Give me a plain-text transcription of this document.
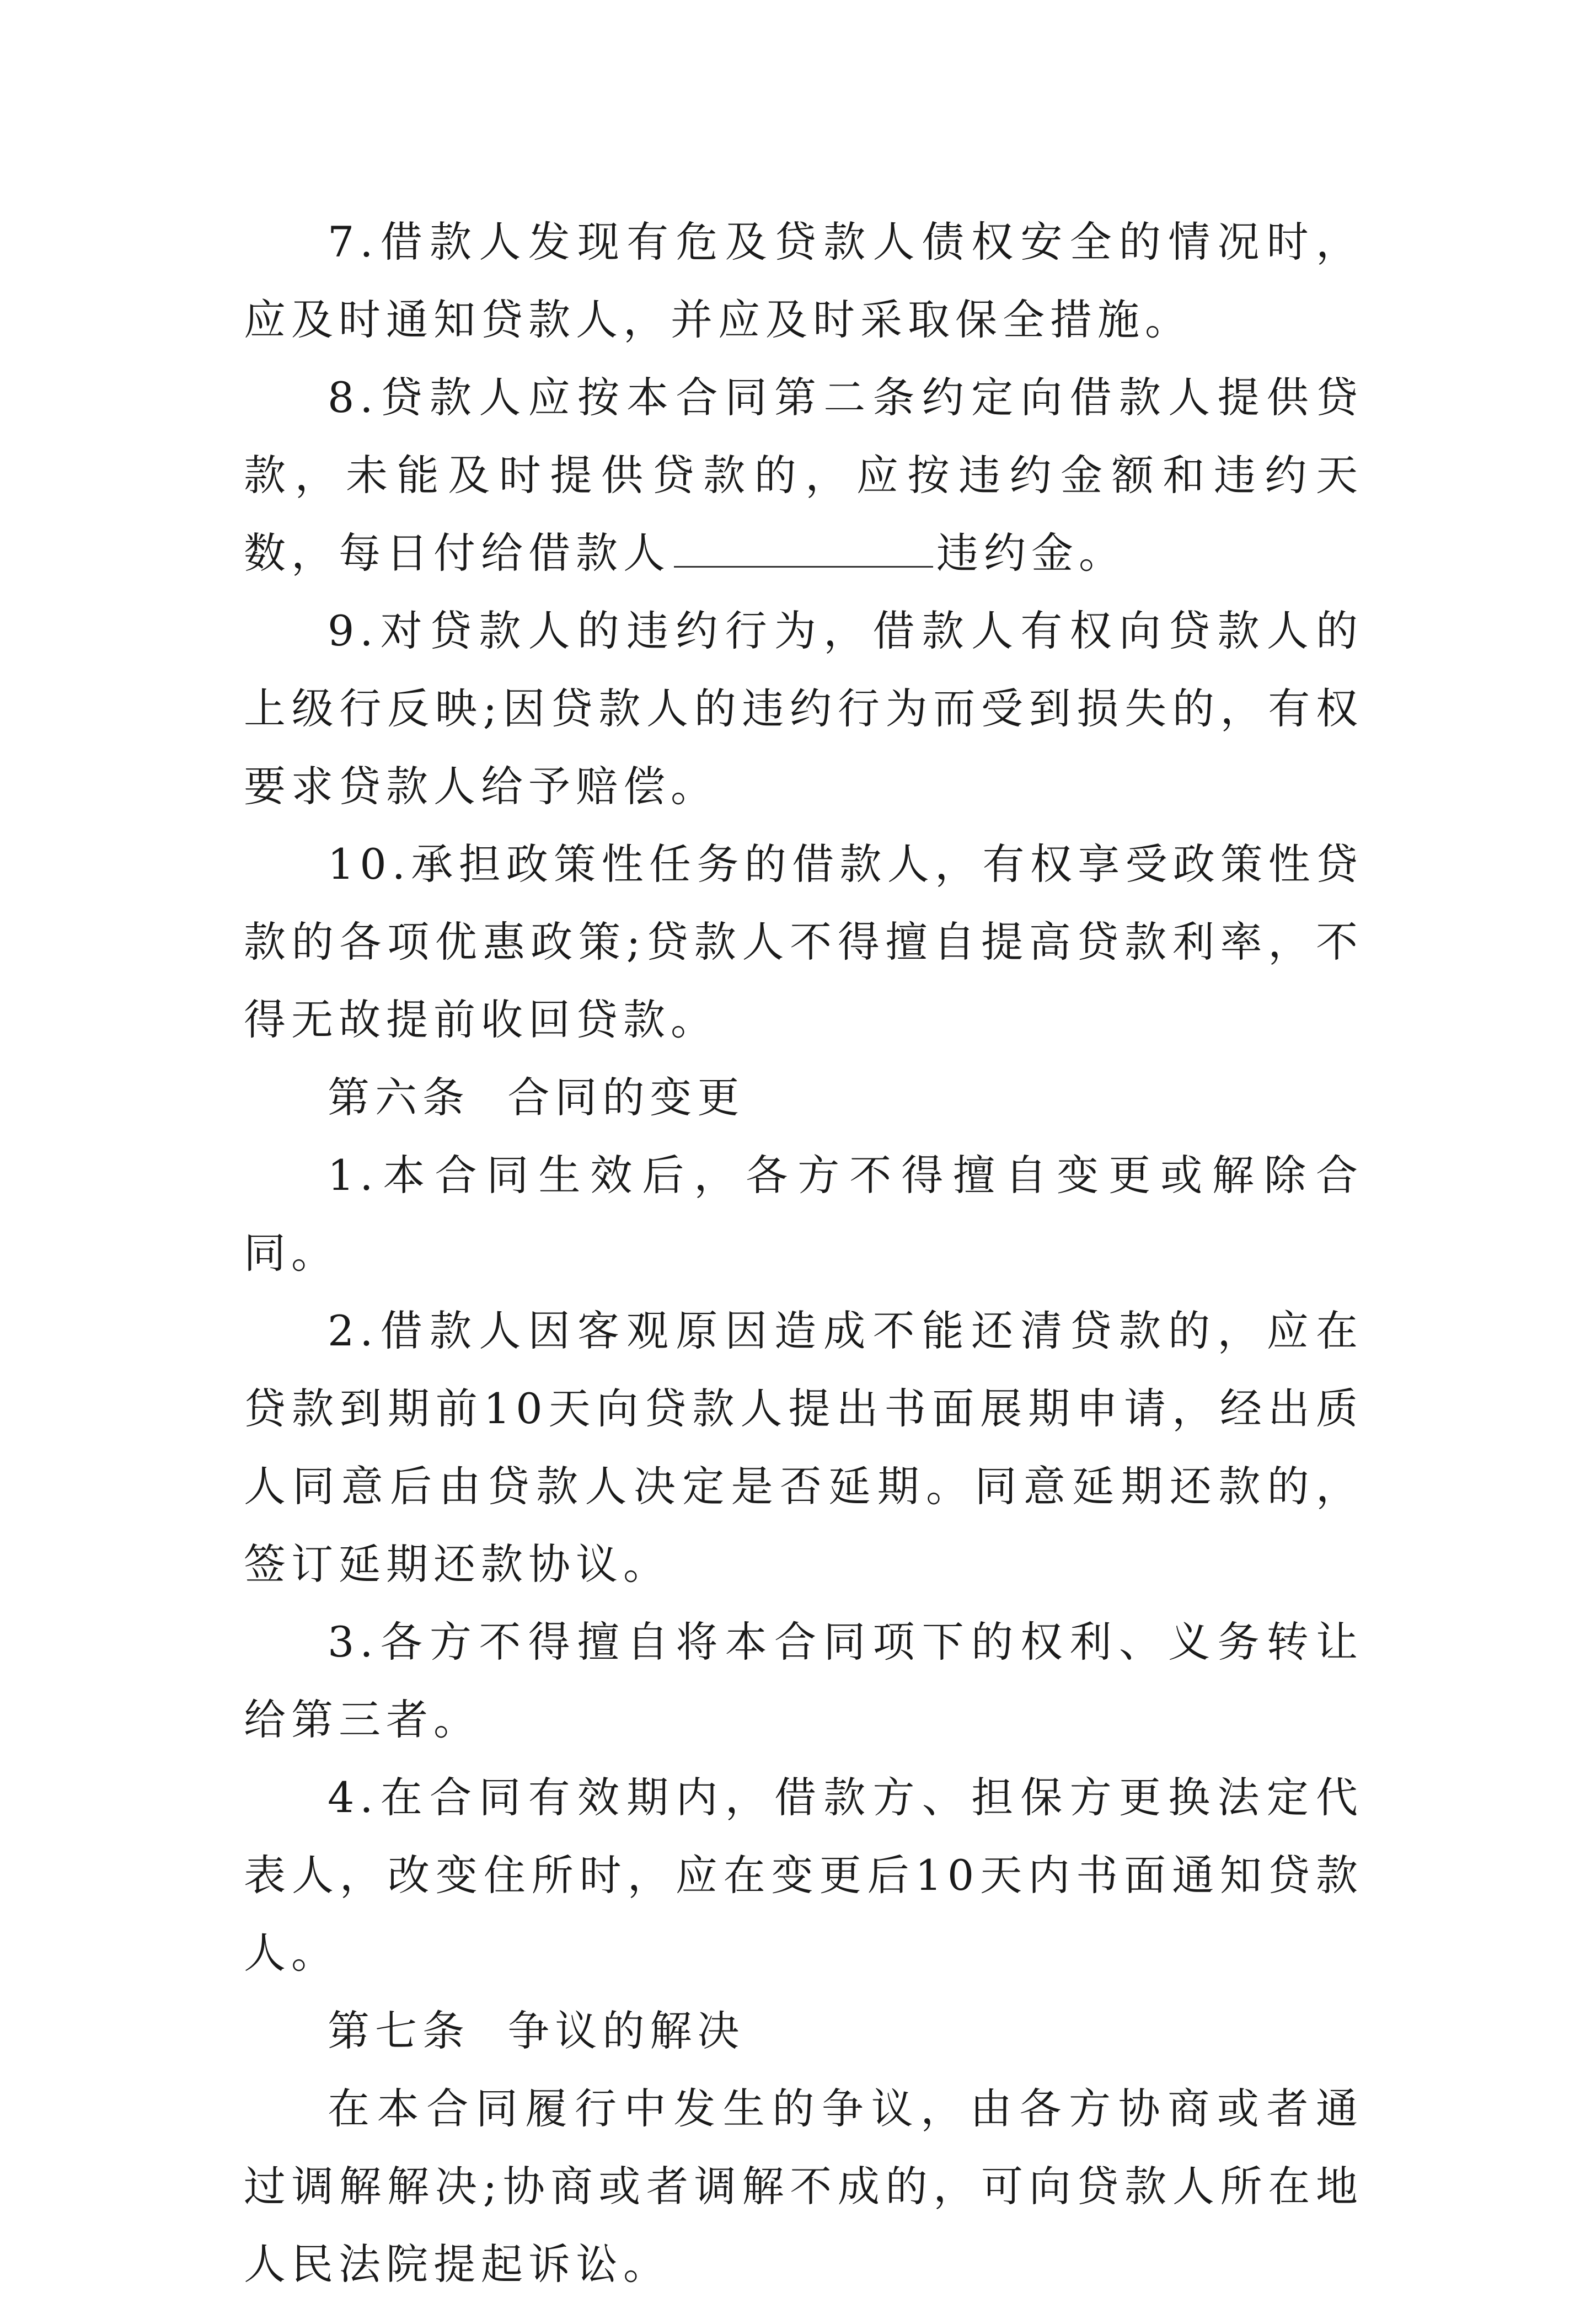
7.借款人发现有危及贷款人债权安全的情况时，应及时通知贷款人，并应及时采取保全措施。

8.贷款人应按本合同第二条约定向借款人提供贷款，未能及时提供贷款的，应按违约金额和违约天数，每日付给借款人	违约金。

9.对贷款人的违约行为，借款人有权向贷款人的上级行反映;因贷款人的违约行为而受到损失的，有权要求贷款人给予赔偿。

10.承担政策性任务的借款人，有权享受政策性贷款的各项优惠政策;贷款人不得擅自提高贷款利率，不得无故提前收回贷款。

第六条  合同的变更

1.本合同生效后，各方不得擅自变更或解除合同。

2.借款人因客观原因造成不能还清贷款的，应在贷款到期前10天向贷款人提出书面展期申请，经出质人同意后由贷款人决定是否延期。同意延期还款的，签订延期还款协议。

3.各方不得擅自将本合同项下的权利、义务转让给第三者。

4.在合同有效期内，借款方、担保方更换法定代表人，改变住所时，应在变更后10天内书面通知贷款人。

第七条  争议的解决

在本合同履行中发生的争议，由各方协商或者通过调解解决;协商或者调解不成的，可向贷款人所在地人民法院提起诉讼。
